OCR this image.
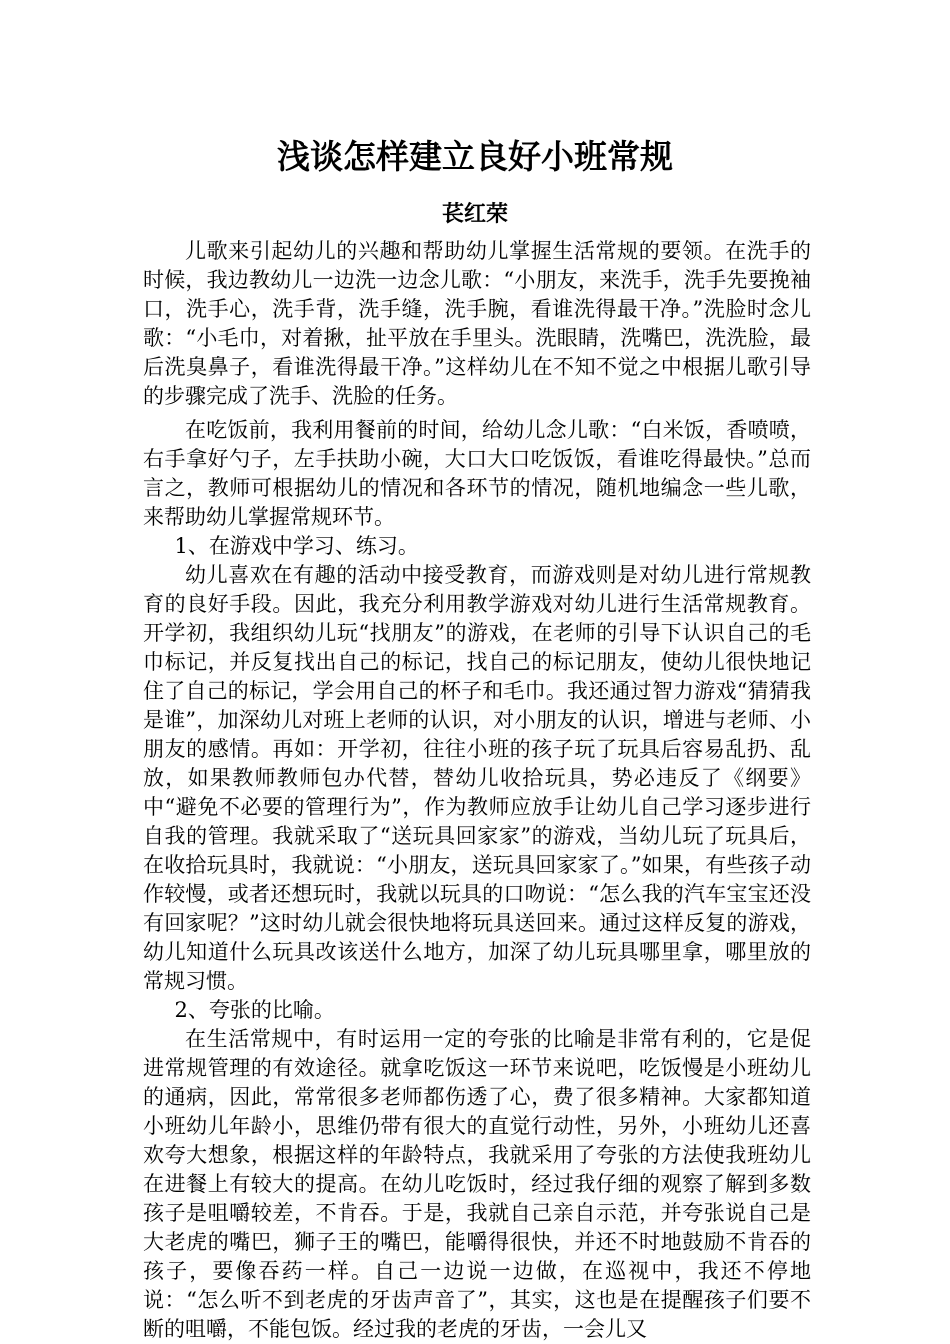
浅谈怎样建立良好小班常规
苌红荣

儿歌来引起幼儿的兴趣和帮助幼儿掌握生活常规的要领。在洗手的时候，我边教幼儿一边洗一边念儿歌：“小朋友，来洗手，洗手先要挽袖口，洗手心，洗手背，洗手缝，洗手腕，看谁洗得最干净。”洗脸时念儿歌：“小毛巾，对着揪，扯平放在手里头。洗眼睛，洗嘴巴，洗洗脸，最后洗臭鼻子，看谁洗得最干净。”这样幼儿在不知不觉之中根据儿歌引导的步骤完成了洗手、洗脸的任务。

在吃饭前，我利用餐前的时间，给幼儿念儿歌：“白米饭，香喷喷，右手拿好勺子，左手扶助小碗，大口大口吃饭饭，看谁吃得最快。”总而言之，教师可根据幼儿的情况和各环节的情况，随机地编念一些儿歌，来帮助幼儿掌握常规环节。

1、在游戏中学习、练习。

幼儿喜欢在有趣的活动中接受教育，而游戏则是对幼儿进行常规教育的良好手段。因此，我充分利用教学游戏对幼儿进行生活常规教育。开学初，我组织幼儿玩“找朋友”的游戏，在老师的引导下认识自己的毛巾标记，并反复找出自己的标记，找自己的标记朋友，使幼儿很快地记住了自己的标记，学会用自己的杯子和毛巾。我还通过智力游戏“猜猜我是谁”，加深幼儿对班上老师的认识，对小朋友的认识，增进与老师、小朋友的感情。再如：开学初，往往小班的孩子玩了玩具后容易乱扔、乱放，如果教师教师包办代替，替幼儿收拾玩具，势必违反了《纲要》中“避免不必要的管理行为”，作为教师应放手让幼儿自己学习逐步进行自我的管理。我就采取了“送玩具回家家”的游戏，当幼儿玩了玩具后，在收拾玩具时，我就说：“小朋友，送玩具回家家了。”如果，有些孩子动作较慢，或者还想玩时，我就以玩具的口吻说：“怎么我的汽车宝宝还没有回家呢？”这时幼儿就会很快地将玩具送回来。通过这样反复的游戏，幼儿知道什么玩具改该送什么地方，加深了幼儿玩具哪里拿，哪里放的常规习惯。

2、夸张的比喻。

在生活常规中，有时运用一定的夸张的比喻是非常有利的，它是促进常规管理的有效途径。就拿吃饭这一环节来说吧，吃饭慢是小班幼儿的通病，因此，常常很多老师都伤透了心，费了很多精神。大家都知道小班幼儿年龄小，思维仍带有很大的直觉行动性，另外，小班幼儿还喜欢夸大想象，根据这样的年龄特点，我就采用了夸张的方法使我班幼儿在进餐上有较大的提高。在幼儿吃饭时，经过我仔细的观察了解到多数孩子是咀嚼较差，不肯吞。于是，我就自己亲自示范，并夸张说自己是大老虎的嘴巴，狮子王的嘴巴，能嚼得很快，并还不时地鼓励不肯吞的孩子，要像吞药一样。自己一边说一边做，在巡视中，我还不停地说：“怎么听不到老虎的牙齿声音了”，其实，这也是在提醒孩子们要不断的咀嚼，不能包饭。经过我的老虎的牙齿，一会儿又
